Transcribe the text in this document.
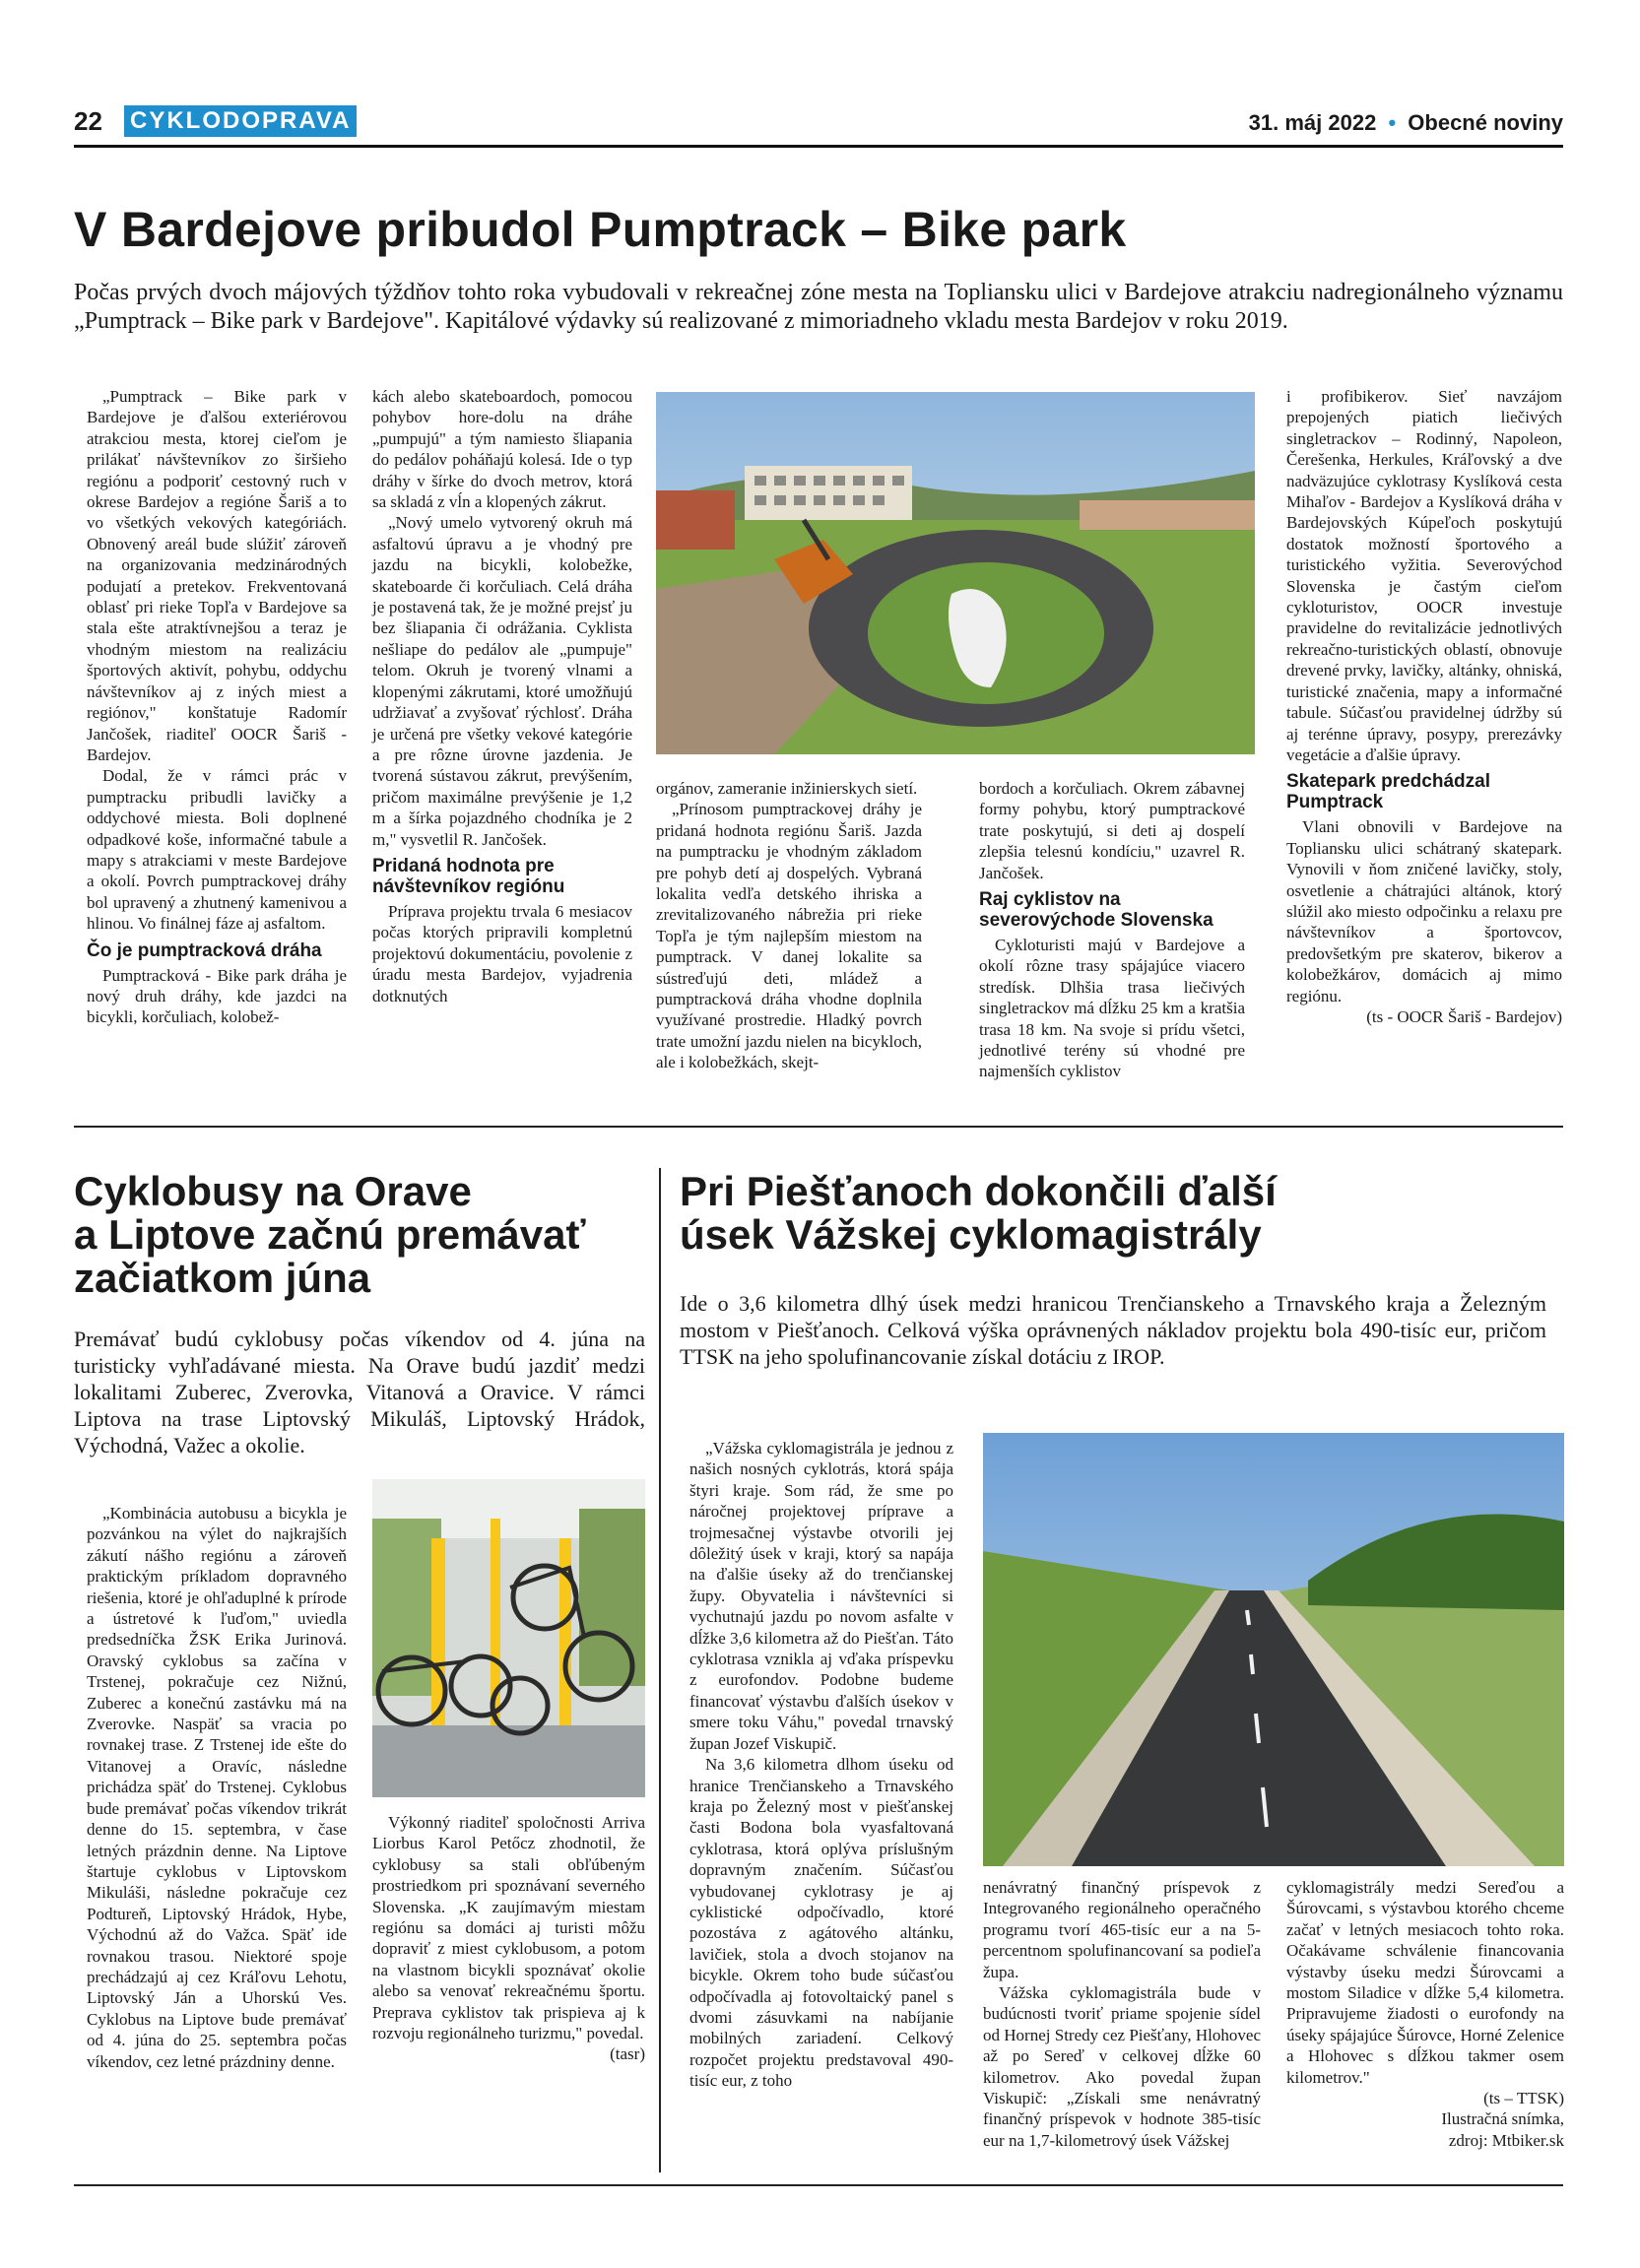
22 CYKLODOPRAVA	31. máj 2022 • Obecné noviny
V Bardejove pribudol Pumptrack – Bike park
Počas prvých dvoch májových týždňov tohto roka vybudovali v rekreačnej zóne mesta na Topliansku ulici v Bardejove atrakciu nadregionálneho významu „Pumptrack – Bike park v Bardejove". Kapitálové výdavky sú realizované z mimoriadneho vkladu mesta Bardejov v roku 2019.

„Pumptrack – Bike park v Bardejove je ďalšou exteriérovou atrakciou mesta, ktorej cieľom je prilákať návštevníkov zo širšieho regiónu a podporiť cestovný ruch v okrese Bardejov a regióne Šariš a to vo všetkých vekových kategóriách. Obnovený areál bude slúžiť zároveň na organizovania medzinárodných podujatí a pretekov. Frekventovaná oblasť pri rieke Topľa v Bardejove sa stala ešte atraktívnejšou a teraz je vhodným miestom na realizáciu športových aktivít, pohybu, oddychu návštevníkov aj z iných miest a regiónov," konštatuje Radomír Jančošek, riaditeľ OOCR Šariš - Bardejov.

Dodal, že v rámci prác v pumptracku pribudli lavičky a oddychové miesta. Boli doplnené odpadkové koše, informačné tabule a mapy s atrakciami v meste Bardejove a okolí. Povrch pumptrackovej dráhy bol upravený a zhutnený kamenivou a hlinou. Vo finálnej fáze aj asfaltom.

Čo je pumptracková dráha

Pumptracková - Bike park dráha je nový druh dráhy, kde jazdci na bicykli, korčuliach, kolobež-

kách alebo skateboardoch, pomocou pohybov hore-dolu na dráhe „pumpujú" a tým namiesto šliapania do pedálov poháňajú kolesá. Ide o typ dráhy v šírke do dvoch metrov, ktorá sa skladá z vĺn a klopených zákrut.

„Nový umelo vytvorený okruh má asfaltovú úpravu a je vhodný pre jazdu na bicykli, kolobežke, skateboarde či korčuliach. Celá dráha je postavená tak, že je možné prejsť ju bez šliapania či odrážania. Cyklista nešliape do pedálov ale „pumpuje" telom. Okruh je tvorený vlnami a klopenými zákrutami, ktoré umožňujú udržiavať a zvyšovať rýchlosť. Dráha je určená pre všetky vekové kategórie a pre rôzne úrovne jazdenia. Je tvorená sústavou zákrut, prevýšením, pričom maximálne prevýšenie je 1,2 m a šírka pojazdného chodníka je 2 m," vysvetlil R. Jančošek.

Pridaná hodnota pre návštevníkov regiónu

Príprava projektu trvala 6 mesiacov počas ktorých pripravili kompletnú projektovú dokumentáciu, povolenie z úradu mesta Bardejov, vyjadrenia dotknutých

orgánov, zameranie inžinierskych sietí.

„Prínosom pumptrackovej dráhy je pridaná hodnota regiónu Šariš. Jazda na pumptracku je vhodným základom pre pohyb detí aj dospelých. Vybraná lokalita vedľa detského ihriska a zrevitalizovaného nábrežia pri rieke Topľa je tým najlepším miestom na pumptrack. V danej lokalite sa sústreďujú deti, mládež a pumptracková dráha vhodne doplnila využívané prostredie. Hladký povrch trate umožní jazdu nielen na bicykloch, ale i kolobežkách, skejt-

bordoch a korčuliach. Okrem zábavnej formy pohybu, ktorý pumptrackové trate poskytujú, si deti aj dospelí zlepšia telesnú kondíciu," uzavrel R. Jančošek.

Raj cyklistov na severovýchode Slovenska

Cykloturisti majú v Bardejove a okolí rôzne trasy spájajúce viacero stredísk. Dlhšia trasa liečivých singletrackov má dĺžku 25 km a kratšia trasa 18 km. Na svoje si prídu všetci, jednotlivé terény sú vhodné pre najmenších cyklistov

i profibikerov. Sieť navzájom prepojených piatich liečivých singletrackov – Rodinný, Napoleon, Čerešenka, Herkules, Kráľovský a dve nadväzujúce cyklotrasy Kyslíková cesta Mihaľov - Bardejov a Kyslíková dráha v Bardejovských Kúpeľoch poskytujú dostatok možností športového a turistického vyžitia. Severovýchod Slovenska je častým cieľom cykloturistov, OOCR investuje pravidelne do revitalizácie jednotlivých rekreačno-turistických oblastí, obnovuje drevené prvky, lavičky, altánky, ohniská, turistické značenia, mapy a informačné tabule. Súčasťou pravidelnej údržby sú aj terénne úpravy, posypy, prerezávky vegetácie a ďalšie úpravy.

Skatepark predchádzal Pumptrack

Vlani obnovili v Bardejove na Topliansku ulici schátraný skatepark. Vynovili v ňom zničené lavičky, stoly, osvetlenie a chátrajúci altánok, ktorý slúžil ako miesto odpočinku a relaxu pre návštevníkov a športovcov, predovšetkým pre skaterov, bikerov a kolobežkárov, domácich aj mimo regiónu.

(ts - OOCR Šariš - Bardejov)

Cyklobusy na Orave
a Liptove začnú premávať
začiatkom júna
Premávať budú cyklobusy počas víkendov od 4. júna na turisticky vyhľadávané miesta. Na Orave budú jazdiť medzi lokalitami Zuberec, Zverovka, Vitanová a Oravice. V rámci Liptova na trase Liptovský Mikuláš, Liptovský Hrádok, Východná, Važec a okolie.

„Kombinácia autobusu a bicykla je pozvánkou na výlet do najkrajších zákutí nášho regiónu a zároveň praktickým príkladom dopravného riešenia, ktoré je ohľaduplné k prírode a ústretové k ľuďom," uviedla predsedníčka ŽSK Erika Jurinová. Oravský cyklobus sa začína v Trstenej, pokračuje cez Nižnú, Zuberec a konečnú zastávku má na Zverovke. Naspäť sa vracia po rovnakej trase. Z Trstenej ide ešte do Vitanovej a Oravíc, následne prichádza späť do Trstenej. Cyklobus bude premávať počas víkendov trikrát denne do 15. septembra, v čase letných prázdnin denne. Na Liptove štartuje cyklobus v Liptovskom Mikuláši, následne pokračuje cez Podtureň, Liptovský Hrádok, Hybe, Východnú až do Važca. Späť ide rovnakou trasou. Niektoré spoje prechádzajú aj cez Kráľovu Lehotu, Liptovský Ján a Uhorskú Ves. Cyklobus na Liptove bude premávať od 4. júna do 25. septembra počas víkendov, cez letné prázdniny denne.

Výkonný riaditeľ spoločnosti Arriva Liorbus Karol Petőcz zhodnotil, že cyklobusy sa stali obľúbeným prostriedkom pri spoznávaní severného Slovenska. „K zaujímavým miestam regiónu sa domáci aj turisti môžu dopraviť z miest cyklobusom, a potom na vlastnom bicykli spoznávať okolie alebo sa venovať rekreačnému športu. Preprava cyklistov tak prispieva aj k rozvoju regionálneho turizmu," povedal.

(tasr)

Pri Piešťanoch dokončili ďalší
úsek Vážskej cyklomagistrály
Ide o 3,6 kilometra dlhý úsek medzi hranicou Trenčianskeho a Trnavského kraja a Železným mostom v Piešťanoch. Celková výška oprávnených nákladov projektu bola 490-tisíc eur, pričom TTSK na jeho spolufinancovanie získal dotáciu z IROP.

„Vážska cyklomagistrála je jednou z našich nosných cyklotrás, ktorá spája štyri kraje. Som rád, že sme po náročnej projektovej príprave a trojmesačnej výstavbe otvorili jej dôležitý úsek v kraji, ktorý sa napája na ďalšie úseky až do trenčianskej župy. Obyvatelia i návštevníci si vychutnajú jazdu po novom asfalte v dĺžke 3,6 kilometra až do Piešťan. Táto cyklotrasa vznikla aj vďaka príspevku z eurofondov. Podobne budeme financovať výstavbu ďalších úsekov v smere toku Váhu," povedal trnavský župan Jozef Viskupič.

Na 3,6 kilometra dlhom úseku od hranice Trenčianskeho a Trnavského kraja po Železný most v piešťanskej časti Bodona bola vyasfaltovaná cyklotrasa, ktorá oplýva príslušným dopravným značením. Súčasťou vybudovanej cyklotrasy je aj cyklistické odpočívadlo, ktoré pozostáva z agátového altánku, lavičiek, stola a dvoch stojanov na bicykle. Okrem toho bude súčasťou odpočívadla aj fotovoltaický panel s dvomi zásuvkami na nabíjanie mobilných zariadení. Celkový rozpočet projektu predstavoval 490-tisíc eur, z toho

nenávratný finančný príspevok z Integrovaného regionálneho operačného programu tvorí 465-tisíc eur a na 5-percentnom spolufinancovaní sa podieľa župa.

Vážska cyklomagistrála bude v budúcnosti tvoriť priame spojenie sídel od Hornej Stredy cez Piešťany, Hlohovec až po Sereď v celkovej dĺžke 60 kilometrov. Ako povedal župan Viskupič: „Získali sme nenávratný finančný príspevok v hodnote 385-tisíc eur na 1,7-kilometrový úsek Vážskej

cyklomagistrály medzi Sereďou a Šúrovcami, s výstavbou ktorého chceme začať v letných mesiacoch tohto roka. Očakávame schválenie financovania výstavby úseku medzi Šúrovcami a mostom Siladice v dĺžke 5,4 kilometra. Pripravujeme žiadosti o eurofondy na úseky spájajúce Šúrovce, Horné Zelenice a Hlohovec s dĺžkou takmer osem kilometrov."

(ts – TTSK)

Ilustračná snímka,

zdroj: Mtbiker.sk
